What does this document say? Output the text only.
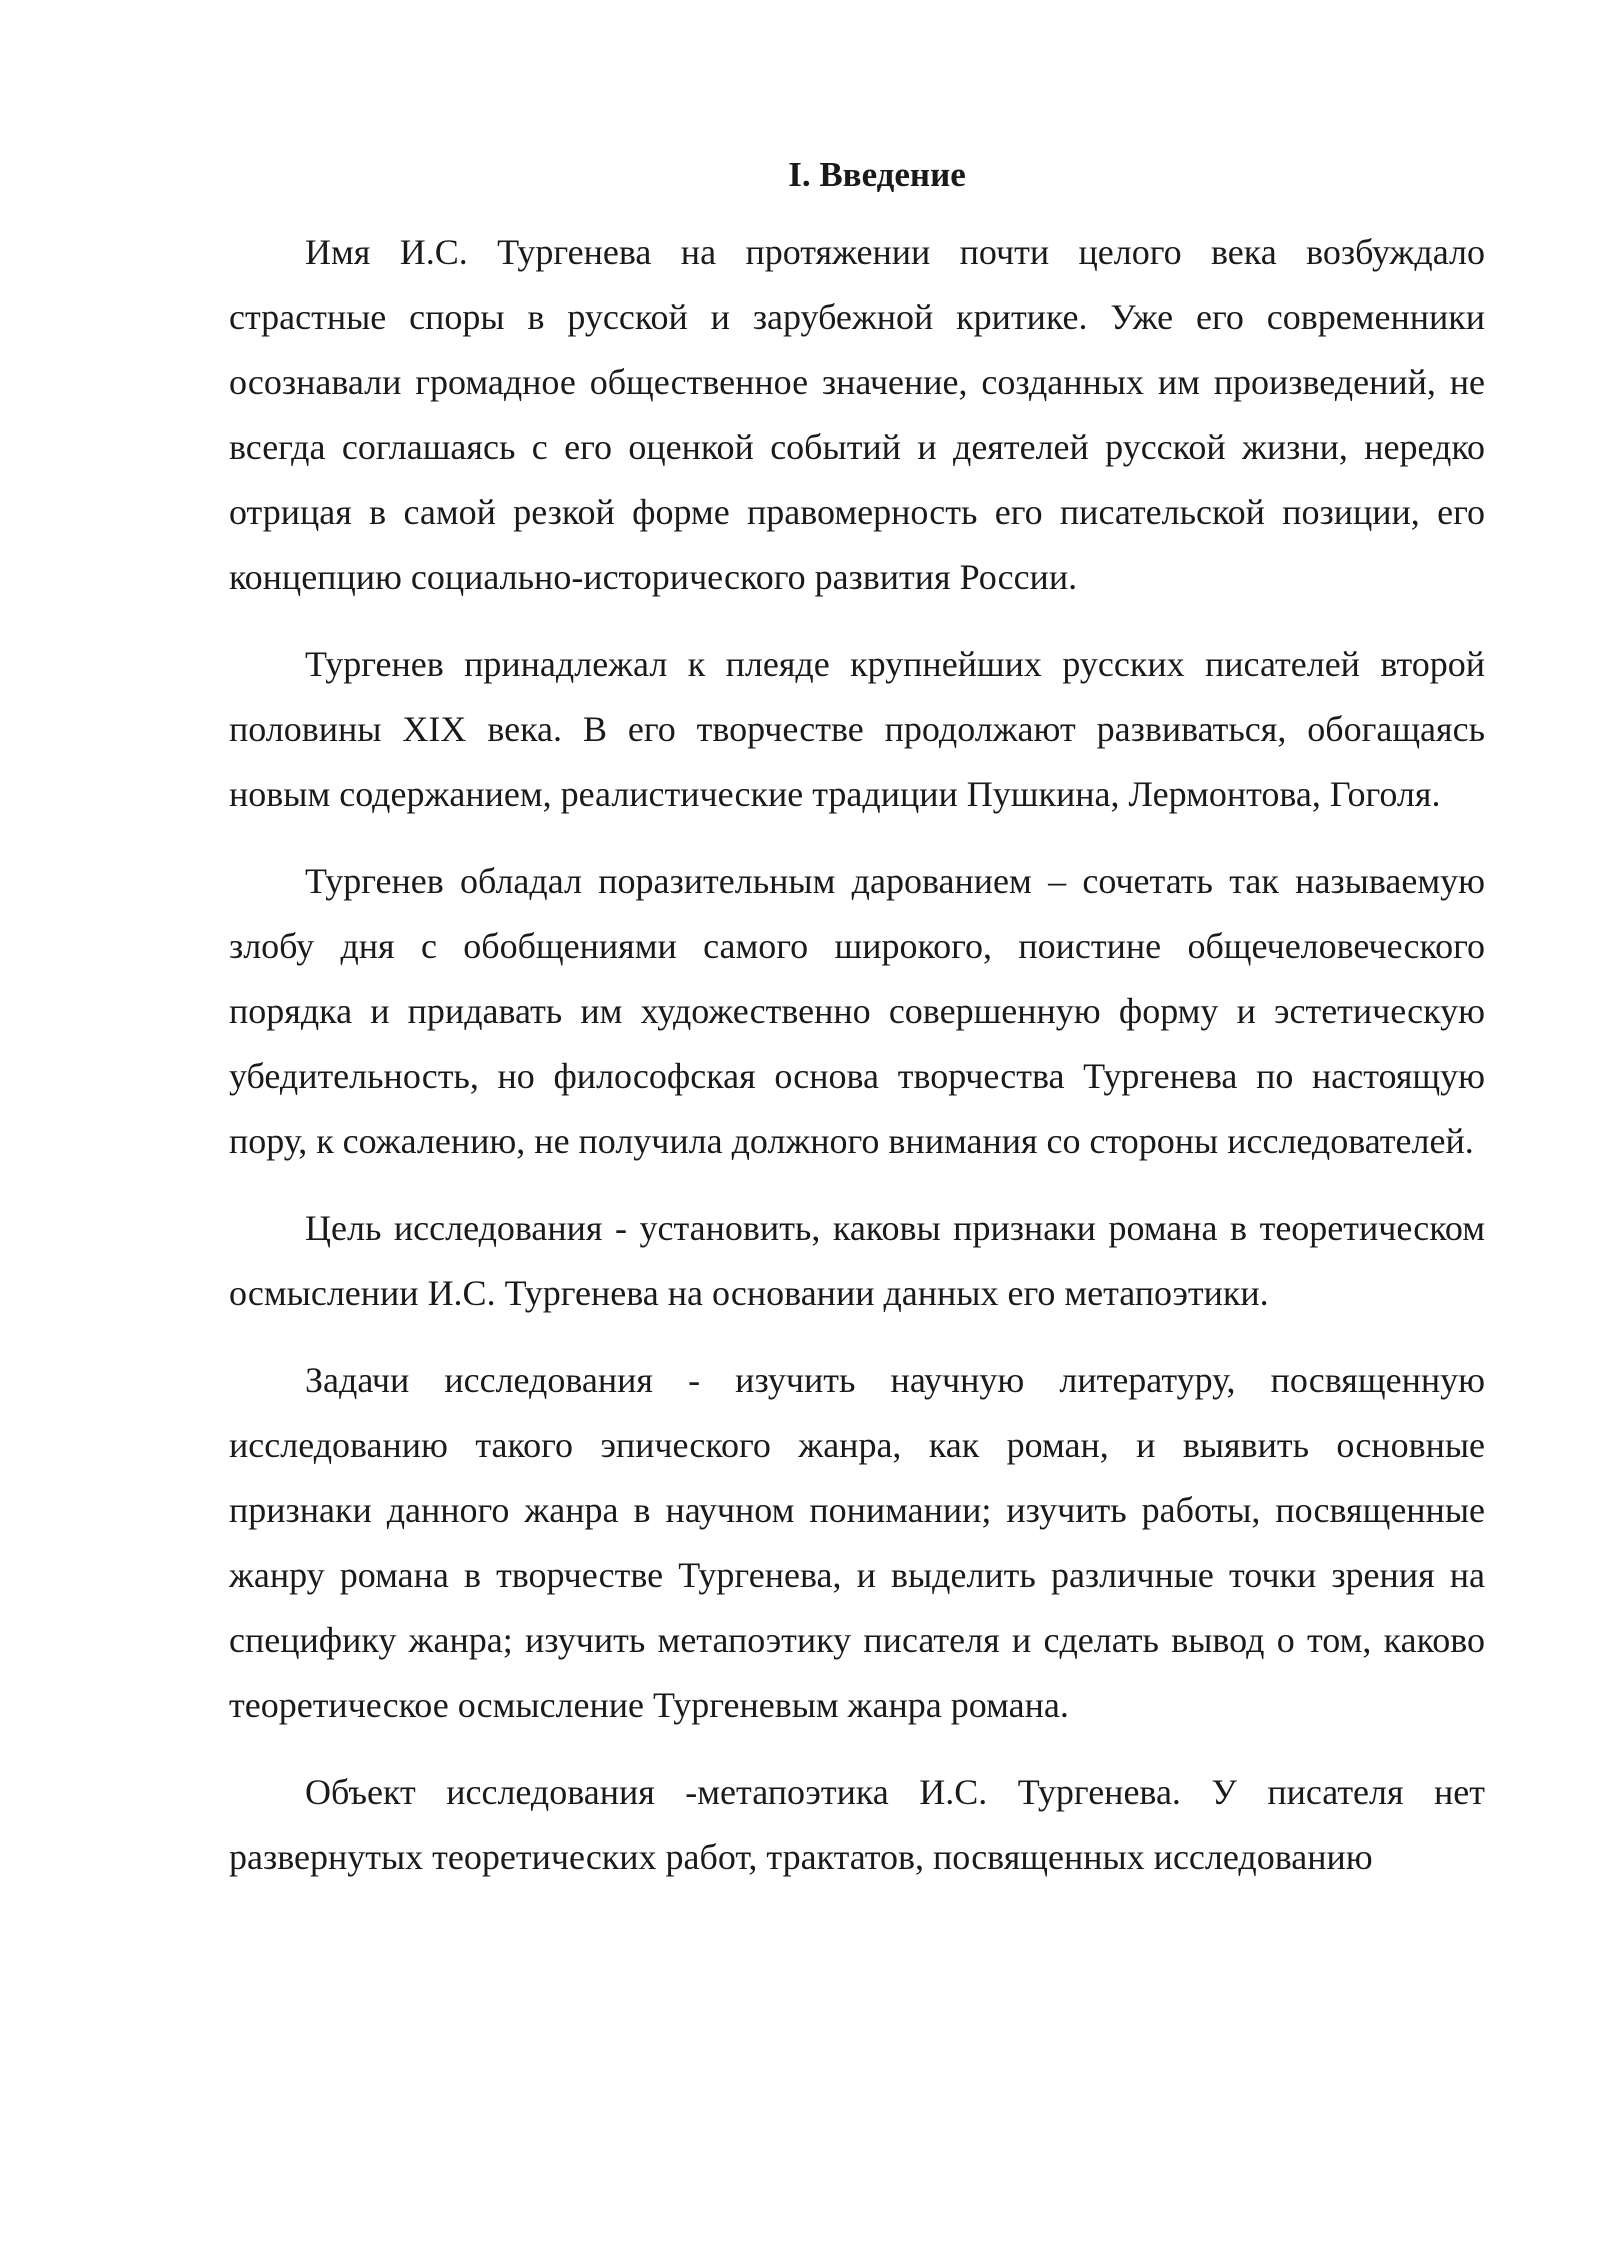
I. Введение

Имя И.С. Тургенева на протяжении почти целого века возбуждало страстные споры в русской и зарубежной критике. Уже его современники осознавали громадное общественное значение, созданных им произведений, не всегда соглашаясь с его оценкой событий и деятелей русской жизни, нередко отрицая в самой резкой форме правомерность его писательской позиции, его концепцию социально-исторического развития России.

Тургенев принадлежал к плеяде крупнейших русских писателей второй половины XIX века. В его творчестве продолжают развиваться, обогащаясь новым содержанием, реалистические традиции Пушкина, Лермонтова, Гоголя.

Тургенев обладал поразительным дарованием – сочетать так называемую злобу дня с обобщениями самого широкого, поистине общечеловеческого порядка и придавать им художественно совершенную форму и эстетическую убедительность, но философская основа творчества Тургенева по настоящую пору, к сожалению, не получила должного внимания со стороны исследователей.

Цель исследования - установить, каковы признаки романа в теоретическом осмыслении И.С. Тургенева на основании данных его метапоэтики.

Задачи исследования - изучить научную литературу, посвященную исследованию такого эпического жанра, как роман, и выявить основные признаки данного жанра в научном понимании; изучить работы, посвященные жанру романа в творчестве Тургенева, и выделить различные точки зрения на специфику жанра; изучить метапоэтику писателя и сделать вывод о том, каково теоретическое осмысление Тургеневым жанра романа.

Объект исследования -метапоэтика И.С. Тургенева. У писателя нет развернутых теоретических работ, трактатов, посвященных исследованию
